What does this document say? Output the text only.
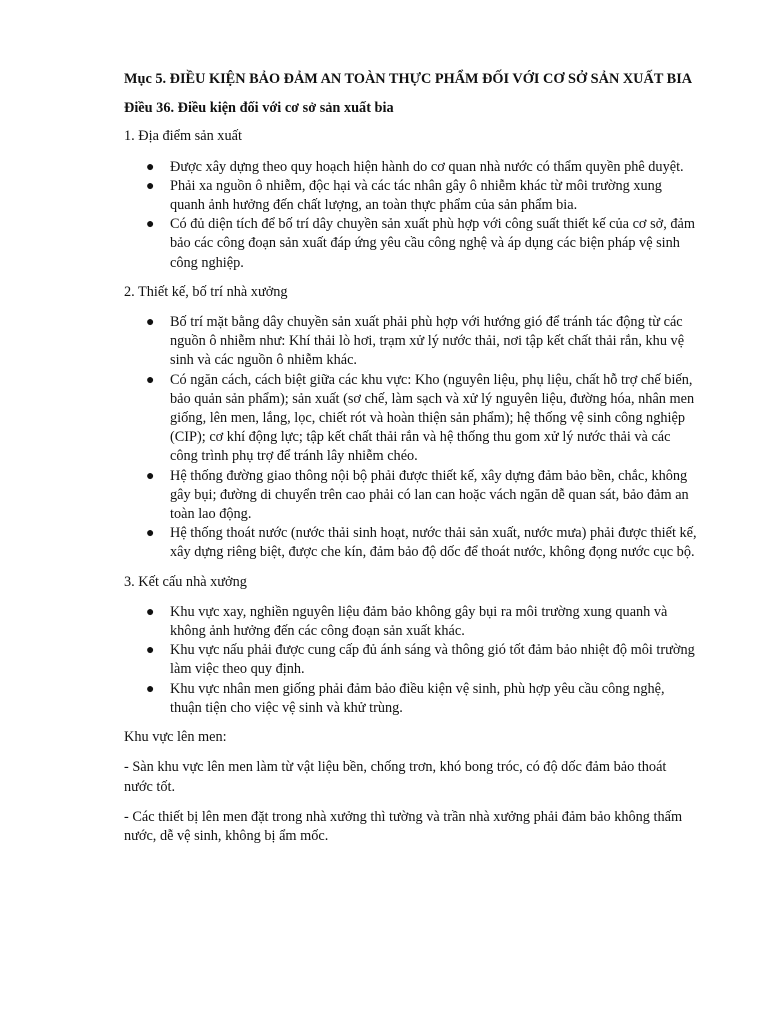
Mục 5. ĐIỀU KIỆN BẢO ĐẢM AN TOÀN THỰC PHẨM ĐỐI VỚI CƠ SỞ SẢN XUẤT BIA
Điều 36. Điều kiện đối với cơ sở sản xuất bia
1. Địa điểm sản xuất
● Được xây dựng theo quy hoạch hiện hành do cơ quan nhà nước có thẩm quyền phê duyệt.
● Phải xa nguồn ô nhiễm, độc hại và các tác nhân gây ô nhiễm khác từ môi trường xung quanh ảnh hưởng đến chất lượng, an toàn thực phẩm của sản phẩm bia.
● Có đủ diện tích để bố trí dây chuyền sản xuất phù hợp với công suất thiết kế của cơ sở, đảm bảo các công đoạn sản xuất đáp ứng yêu cầu công nghệ và áp dụng các biện pháp vệ sinh công nghiệp.
2. Thiết kế, bố trí nhà xưởng
● Bố trí mặt bằng dây chuyền sản xuất phải phù hợp với hướng gió để tránh tác động từ các nguồn ô nhiễm như: Khí thải lò hơi, trạm xử lý nước thải, nơi tập kết chất thải rắn, khu vệ sinh và các nguồn ô nhiễm khác.
● Có ngăn cách, cách biệt giữa các khu vực: Kho (nguyên liệu, phụ liệu, chất hỗ trợ chế biến, bảo quản sản phẩm); sản xuất (sơ chế, làm sạch và xử lý nguyên liệu, đường hóa, nhân men giống, lên men, lắng, lọc, chiết rót và hoàn thiện sản phẩm); hệ thống vệ sinh công nghiệp (CIP); cơ khí động lực; tập kết chất thải rắn và hệ thống thu gom xử lý nước thải và các công trình phụ trợ để tránh lây nhiễm chéo.
● Hệ thống đường giao thông nội bộ phải được thiết kế, xây dựng đảm bảo bền, chắc, không gây bụi; đường di chuyển trên cao phải có lan can hoặc vách ngăn dễ quan sát, bảo đảm an toàn lao động.
● Hệ thống thoát nước (nước thải sinh hoạt, nước thải sản xuất, nước mưa) phải được thiết kế, xây dựng riêng biệt, được che kín, đảm bảo độ dốc để thoát nước, không đọng nước cục bộ.
3. Kết cấu nhà xưởng
● Khu vực xay, nghiền nguyên liệu đảm bảo không gây bụi ra môi trường xung quanh và không ảnh hưởng đến các công đoạn sản xuất khác.
● Khu vực nấu phải được cung cấp đủ ánh sáng và thông gió tốt đảm bảo nhiệt độ môi trường làm việc theo quy định.
● Khu vực nhân men giống phải đảm bảo điều kiện vệ sinh, phù hợp yêu cầu công nghệ, thuận tiện cho việc vệ sinh và khử trùng.
Khu vực lên men:
- Sàn khu vực lên men làm từ vật liệu bền, chống trơn, khó bong tróc, có độ dốc đảm bảo thoát nước tốt.
- Các thiết bị lên men đặt trong nhà xưởng thì tường và trần nhà xưởng phải đảm bảo không thấm nước, dễ vệ sinh, không bị ẩm mốc.
